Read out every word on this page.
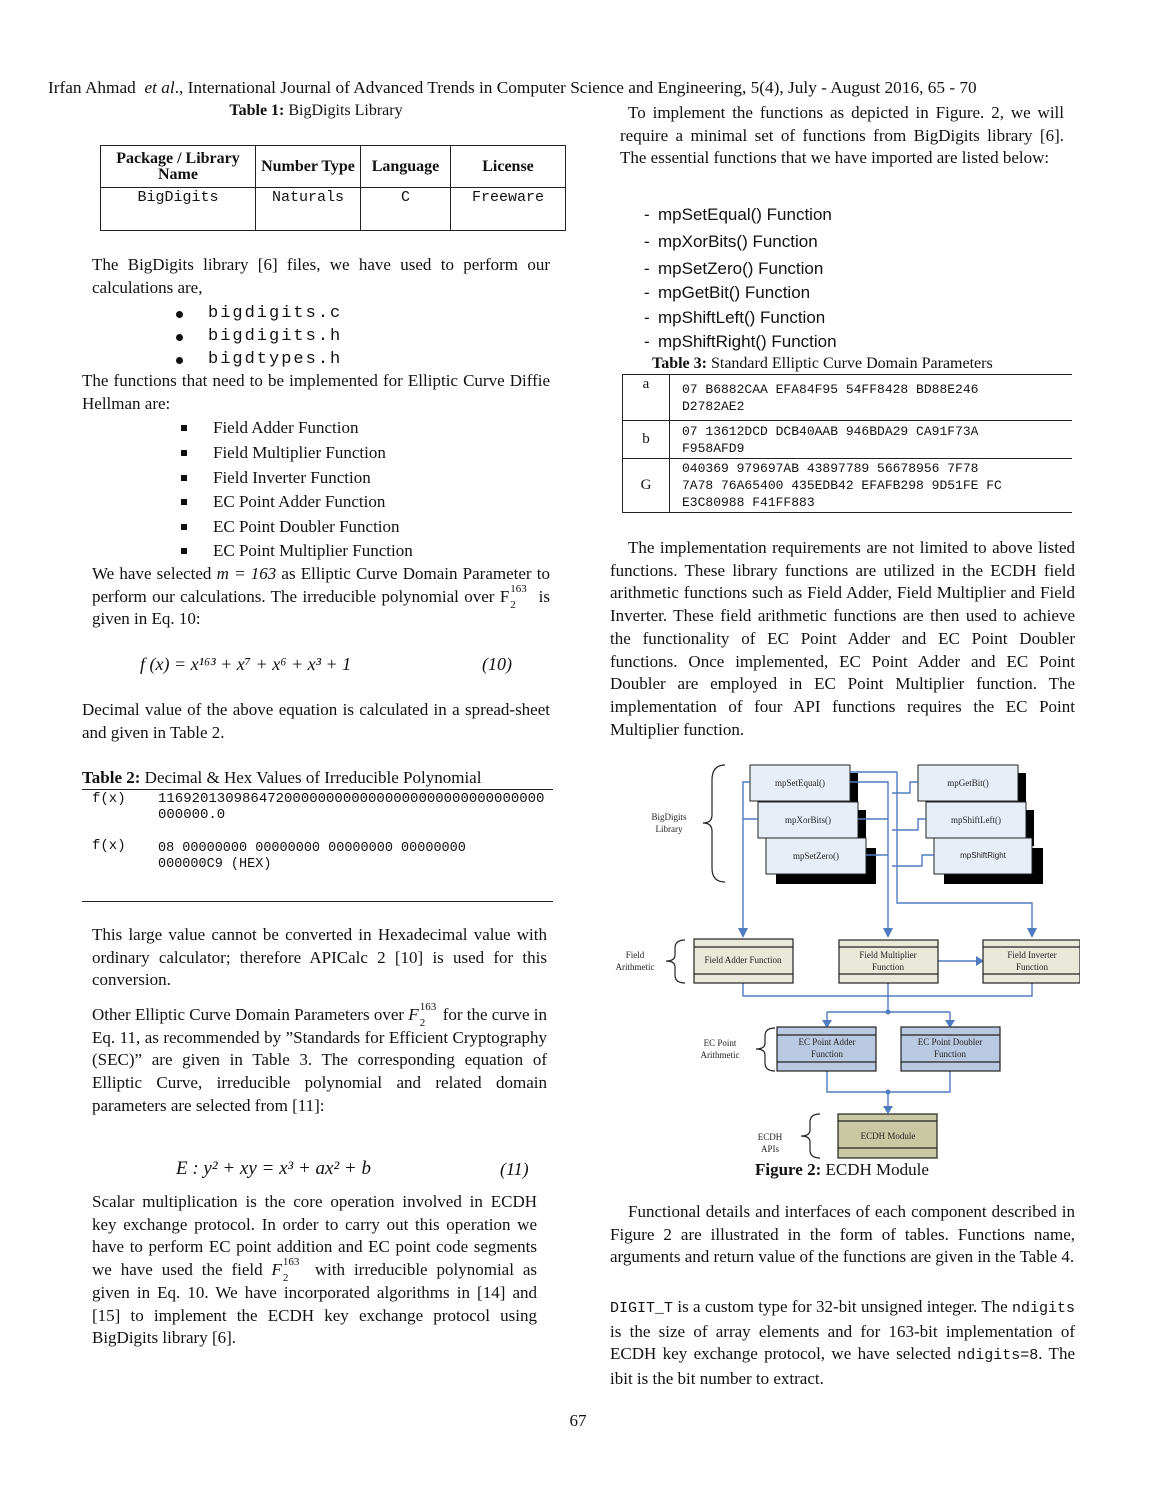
Irfan Ahmad et al., International Journal of Advanced Trends in Computer Science and Engineering, 5(4), July - August 2016, 65 - 70
Table 1: BigDigits Library
Package / Library Name	Number Type	Language	License
BigDigits	Naturals	C	Freeware
The BigDigits library [6] files, we have used to perform our calculations are,
bigdigits.c
bigdigits.h
bigdtypes.h
The functions that need to be implemented for Elliptic Curve Diffie Hellman are:
Field Adder Function
Field Multiplier Function
Field Inverter Function
EC Point Adder Function
EC Point Doubler Function
EC Point Multiplier Function
We have selected m = 163 as Elliptic Curve Domain Parameter to perform our calculations. The irreducible polynomial over F 163
2 is given in Eq. 10:
f (x) = x¹⁶³ + x⁷ + x⁶ + x³ + 1	(10)
Decimal value of the above equation is calculated in a spread-sheet and given in Table 2.
Table 2: Decimal & Hex Values of Irreducible Polynomial
f(x) 1169201309864720000000000000000000000000000000
000000.0
f(x) 08 00000000 00000000 00000000 00000000
000000C9 (HEX)
This large value cannot be converted in Hexadecimal value with ordinary calculator; therefore APICalc 2 [10] is used for this conversion.
Other Elliptic Curve Domain Parameters over F 163
2 for the curve in Eq. 11, as recommended by ”Standards for Efficient Cryptography (SEC)” are given in Table 3. The corresponding equation of Elliptic Curve, irreducible polynomial and related domain parameters are selected from [11]:
E : y² + xy = x³ + ax² + b	(11)
Scalar multiplication is the core operation involved in ECDH key exchange protocol. In order to carry out this operation we have to perform EC point addition and EC point code segments we have used the field F 163
2 with irreducible polynomial as given in Eq. 10. We have incorporated algorithms in [14] and [15] to implement the ECDH key exchange protocol using BigDigits library [6].
To implement the functions as depicted in Figure. 2, we will require a minimal set of functions from BigDigits library [6]. The essential functions that we have imported are listed below:
- mpSetEqual() Function
- mpXorBits() Function
- mpSetZero() Function
- mpGetBit() Function
- mpShiftLeft() Function
- mpShiftRight() Function
Table 3: Standard Elliptic Curve Domain Parameters
a	07 B6882CAA EFA84F95 54FF8428 BD88E246
D2782AE2

b	07 13612DCD DCB40AAB 946BDA29 CA91F73A
F958AFD9

G	040369 979697AB 43897789 56678956 7F78
7A78 76A65400 435EDB42 EFAFB298 9D51FE FC
E3C80988 F41FF883
The implementation requirements are not limited to above listed functions. These library functions are utilized in the ECDH field arithmetic functions such as Field Adder, Field Multiplier and Field Inverter. These field arithmetic functions are then used to achieve the functionality of EC Point Adder and EC Point Doubler functions. Once implemented, EC Point Adder and EC Point Doubler are employed in EC Point Multiplier function. The implementation of four API functions requires the EC Point Multiplier function.
mpSetEqual()
mpXorBits()
mpSetZero()
mpGetBit()
mpShiftLeft()
mpShiftRight
BigDigits
Library
Field
Arithmetic
Field Adder Function	Field Multiplier
Function
Field Inverter
Function
EC Point
Arithmetic
EC Point Adder
Function
EC Point Doubler
Function
ECDH
APIs
ECDH Module
Figure 2: ECDH Module
Functional details and interfaces of each component described in Figure 2 are illustrated in the form of tables. Functions name, arguments and return value of the functions are given in the Table 4.
DIGIT_T is a custom type for 32-bit unsigned integer. The ndigits is the size of array elements and for 163-bit implementation of ECDH key exchange protocol, we have selected ndigits=8. The ibit is the bit number to extract.
67
